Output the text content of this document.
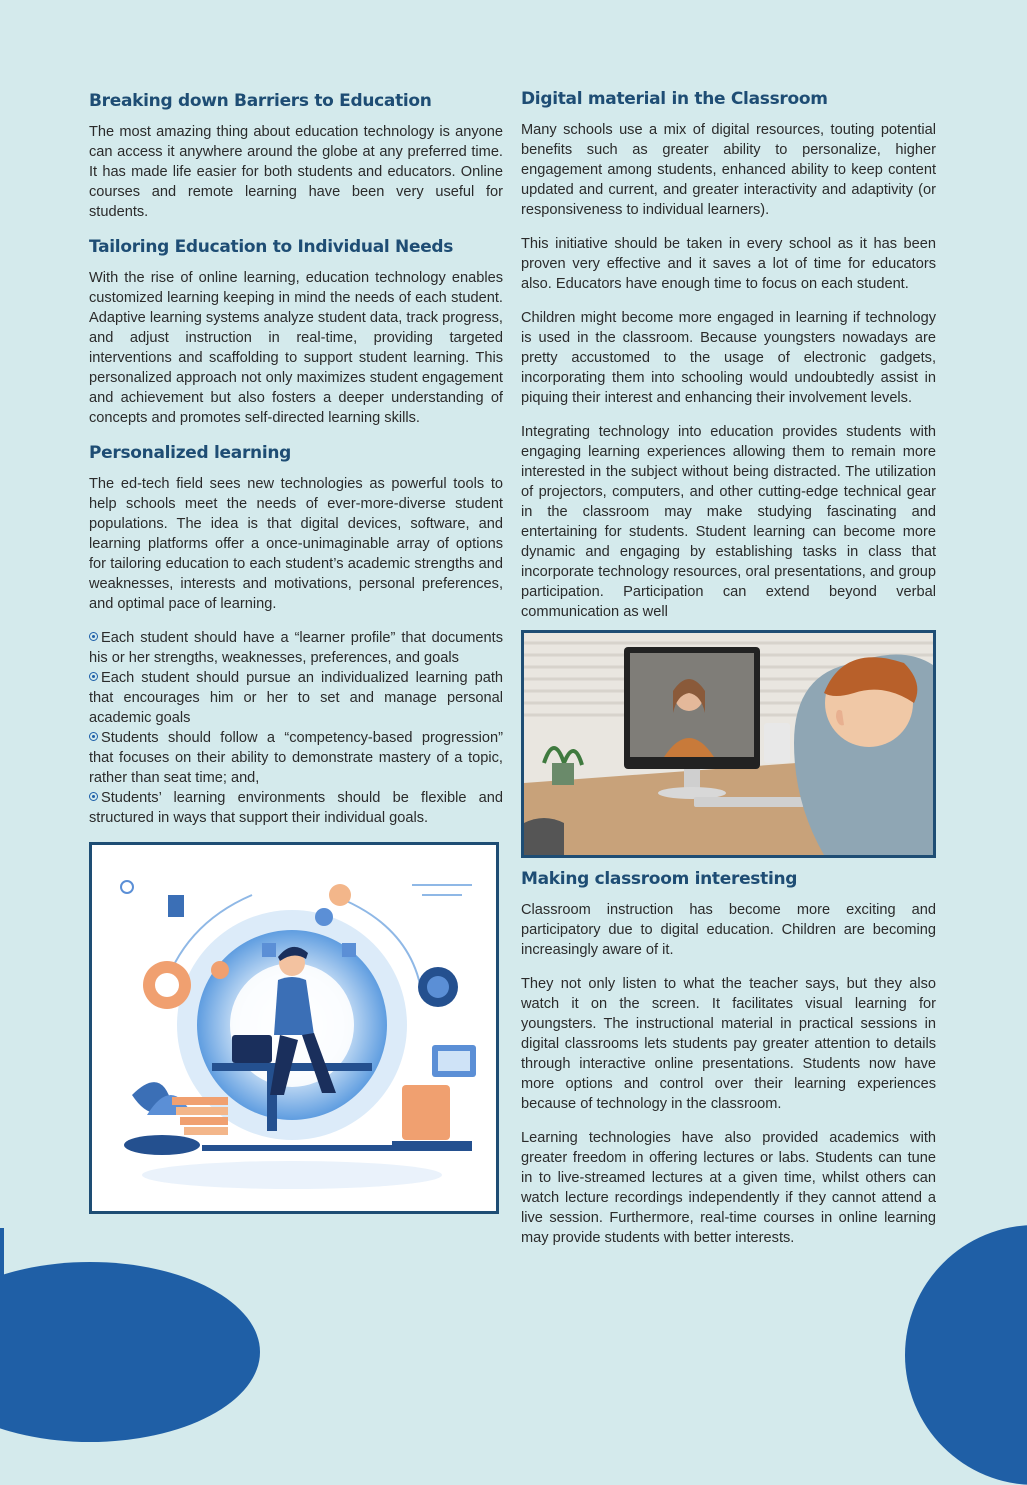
Breaking down Barriers to Education

The most amazing thing about education technology is anyone can access it anywhere around the globe at any preferred time. It has made life easier for both students and educators. Online courses and remote learning have been very useful for students.

Tailoring Education to Individual Needs

With the rise of online learning, education technology enables customized learning keeping in mind the needs of each student. Adaptive learning systems analyze student data, track progress, and adjust instruction in real-time, providing targeted interventions and scaffolding to support student learning. This personalized approach not only maximizes student engagement and achievement but also fosters a deeper understanding of concepts and promotes self-directed learning skills.

Personalized learning

The ed-tech field sees new technologies as powerful tools to help schools meet the needs of ever-more-diverse student populations. The idea is that digital devices, software, and learning platforms offer a once-unimaginable array of options for tailoring education to each student’s academic strengths and weaknesses, interests and motivations, personal preferences, and optimal pace of learning.

Each student should have a “learner profile” that documents his or her strengths, weaknesses, preferences, and goals
Each student should pursue an individualized learning path that encourages him or her to set and manage personal academic goals
Students should follow a “competency-based progression” that focuses on their ability to demonstrate mastery of a topic, rather than seat time; and,
Students’ learning environments should be flexible and structured in ways that support their individual goals.
Digital material in the Classroom

Many schools use a mix of digital resources, touting potential benefits such as greater ability to personalize, higher engagement among students, enhanced ability to keep content updated and current, and greater interactivity and adaptivity (or responsiveness to individual learners).

This initiative should be taken in every school as it has been proven very effective and it saves a lot of time for educators also. Educators have enough time to focus on each student.

Children might become more engaged in learning if technology is used in the classroom. Because youngsters nowadays are pretty accustomed to the usage of electronic gadgets, incorporating them into schooling would undoubtedly assist in piquing their interest and enhancing their involvement levels.

Integrating technology into education provides students with engaging learning experiences allowing them to remain more interested in the subject without being distracted. The utilization of projectors, computers, and other cutting-edge technical gear in the classroom may make studying fascinating and entertaining for students. Student learning can become more dynamic and engaging by establishing tasks in class that incorporate technology resources, oral presentations, and group participation. Participation can extend beyond verbal communication as well

Making classroom interesting

Classroom instruction has become more exciting and participatory due to digital education. Children are becoming increasingly aware of it.

They not only listen to what the teacher says, but they also watch it on the screen. It facilitates visual learning for youngsters. The instructional material in practical sessions in digital classrooms lets students pay greater attention to details through interactive online presentations. Students now have more options and control over their learning experiences because of technology in the classroom.

Learning technologies have also provided academics with greater freedom in offering lectures or labs. Students can tune in to live-streamed lectures at a given time, whilst others can watch lecture recordings independently if they cannot attend a live session. Furthermore, real-time courses in online learning may provide students with better interests.
